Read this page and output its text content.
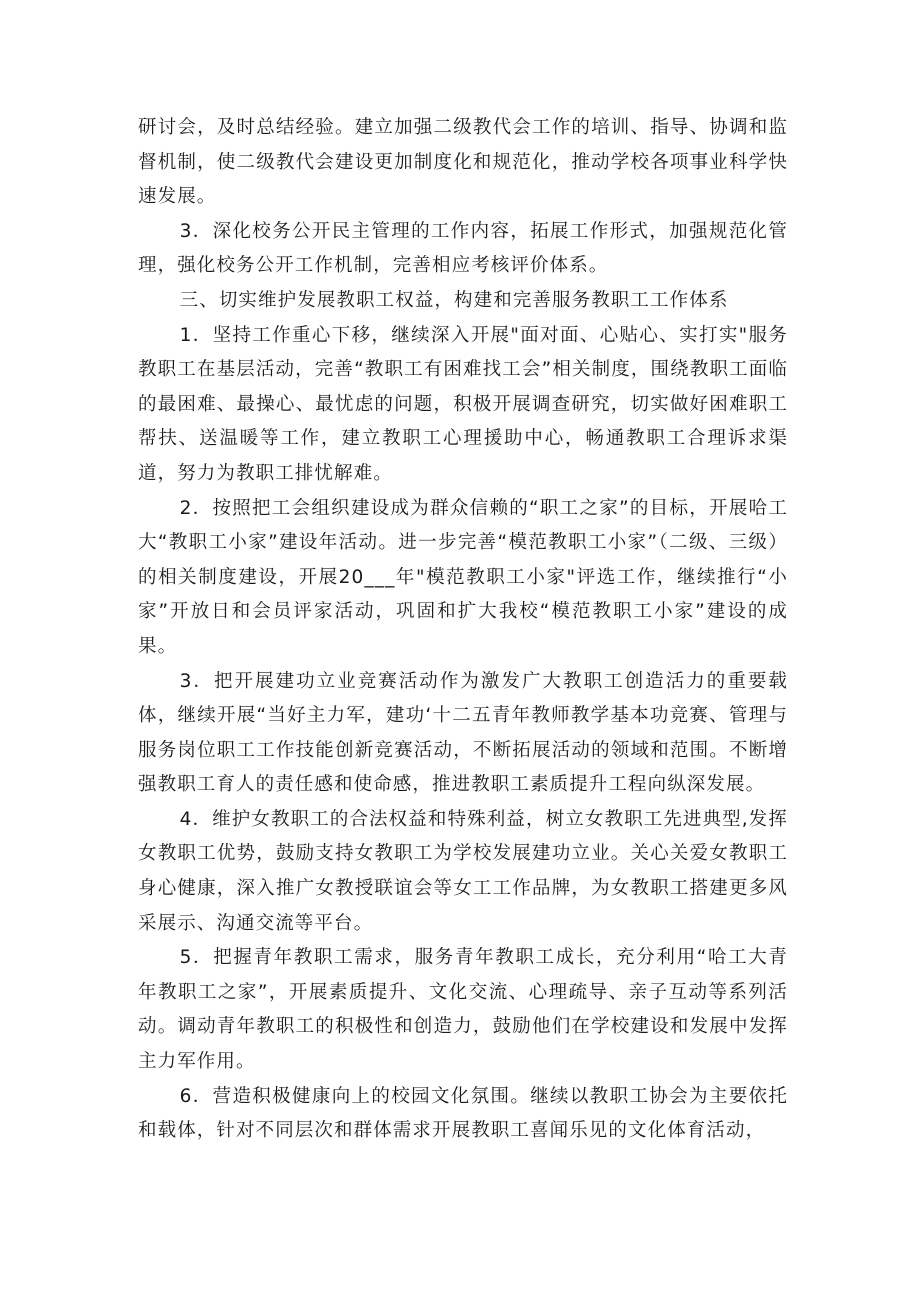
研讨会，及时总结经验。建立加强二级教代会工作的培训、指导、协调和监督机制，使二级教代会建设更加制度化和规范化，推动学校各项事业科学快速发展。

3．深化校务公开民主管理的工作内容，拓展工作形式，加强规范化管理，强化校务公开工作机制，完善相应考核评价体系。

三、切实维护发展教职工权益，构建和完善服务教职工工作体系

1．坚持工作重心下移，继续深入开展"面对面、心贴心、实打实"服务教职工在基层活动，完善“教职工有困难找工会”相关制度，围绕教职工面临的最困难、最操心、最忧虑的问题，积极开展调查研究，切实做好困难职工帮扶、送温暖等工作，建立教职工心理援助中心，畅通教职工合理诉求渠道，努力为教职工排忧解难。

2．按照把工会组织建设成为群众信赖的“职工之家”的目标，开展哈工大“教职工小家”建设年活动。进一步完善“模范教职工小家”（二级、三级）的相关制度建设，开展20___年"模范教职工小家"评选工作，继续推行“小家”开放日和会员评家活动，巩固和扩大我校“模范教职工小家”建设的成果。

3．把开展建功立业竞赛活动作为激发广大教职工创造活力的重要载体，继续开展“当好主力军，建功‘十二五青年教师教学基本功竞赛、管理与服务岗位职工工作技能创新竞赛活动，不断拓展活动的领域和范围。不断增强教职工育人的责任感和使命感，推进教职工素质提升工程向纵深发展。

4．维护女教职工的合法权益和特殊利益，树立女教职工先进典型,发挥女教职工优势，鼓励支持女教职工为学校发展建功立业。关心关爱女教职工身心健康，深入推广女教授联谊会等女工工作品牌，为女教职工搭建更多风采展示、沟通交流等平台。

5．把握青年教职工需求，服务青年教职工成长，充分利用“哈工大青年教职工之家”，开展素质提升、文化交流、心理疏导、亲子互动等系列活动。调动青年教职工的积极性和创造力，鼓励他们在学校建设和发展中发挥主力军作用。

6．营造积极健康向上的校园文化氛围。继续以教职工协会为主要依托和载体，针对不同层次和群体需求开展教职工喜闻乐见的文化体育活动，
